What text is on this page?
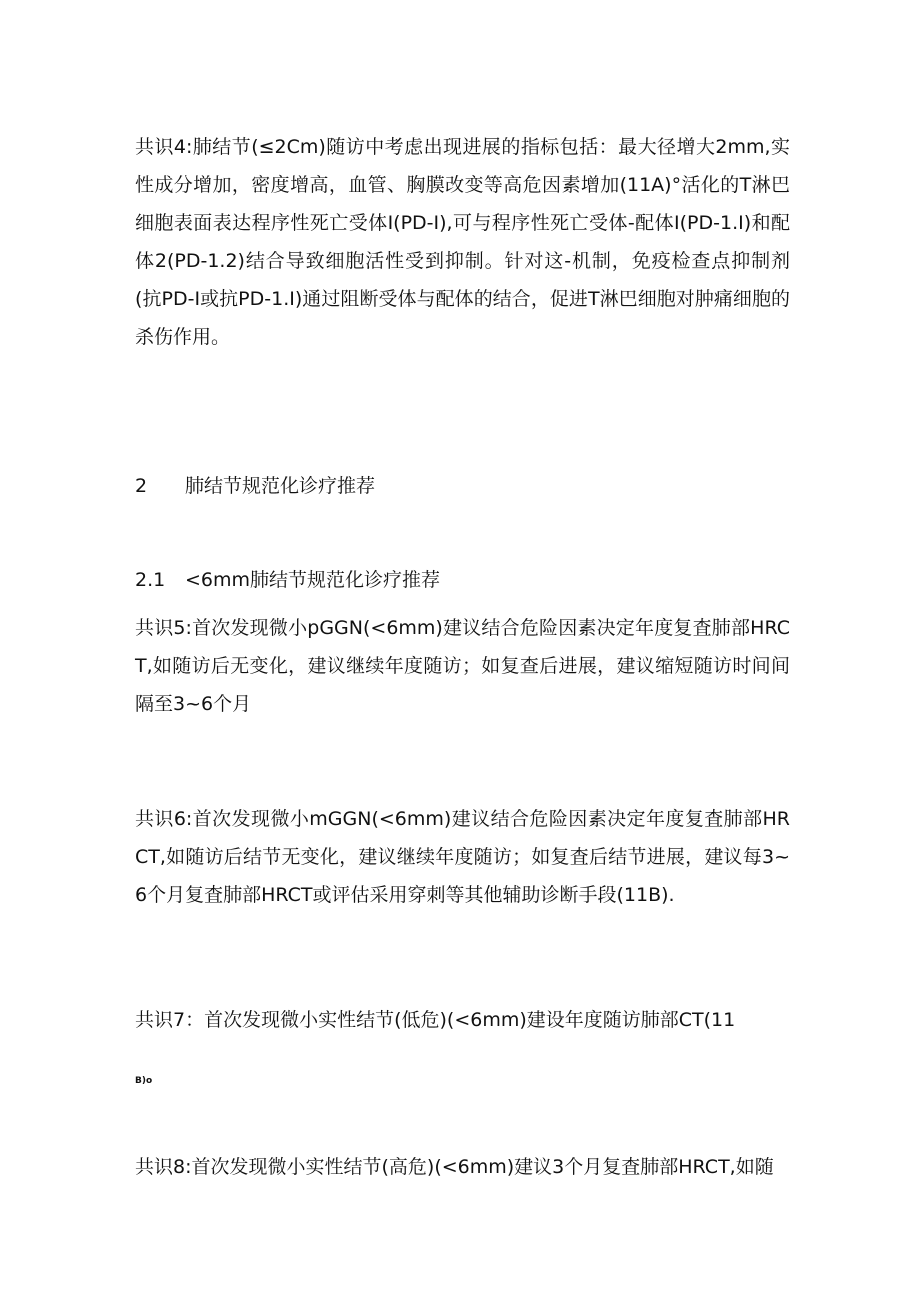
共识4:肺结节(≤2Cm)随访中考虑出现进展的指标包括：最大径增大2mm,实性成分增加，密度增高，血管、胸膜改变等高危因素增加(11A)°活化的T淋巴细胞表面表达程序性死亡受体I(PD-I),可与程序性死亡受体-配体I(PD-1.I)和配体2(PD-1.2)结合导致细胞活性受到抑制。针对这-机制，免疫检查点抑制剂(抗PD-I或抗PD-1.I)通过阻断受体与配体的结合，促进T淋巴细胞对肿痛细胞的杀伤作用。

2 肺结节规范化诊疗推荐

2.1 <6mm肺结节规范化诊疗推荐

共识5:首次发现微小pGGN(<6mm)建议结合危险因素决定年度复査肺部HRCT,如随访后无变化，建议继续年度随访；如复查后进展，建议缩短随访时间间隔至3~6个月

共识6:首次发现微小mGGN(<6mm)建议结合危险因素决定年度复査肺部HRCT,如随访后结节无变化，建议继续年度随访；如复査后结节进展，建议每3~6个月复査肺部HRCT或评估采用穿刺等其他辅助诊断手段(11B).

共识7：首次发现微小实性结节(低危)(<6mm)建设年度随访肺部CT(11

B)o

共识8:首次发现微小实性结节(高危)(<6mm)建议3个月复査肺部HRCT,如随
